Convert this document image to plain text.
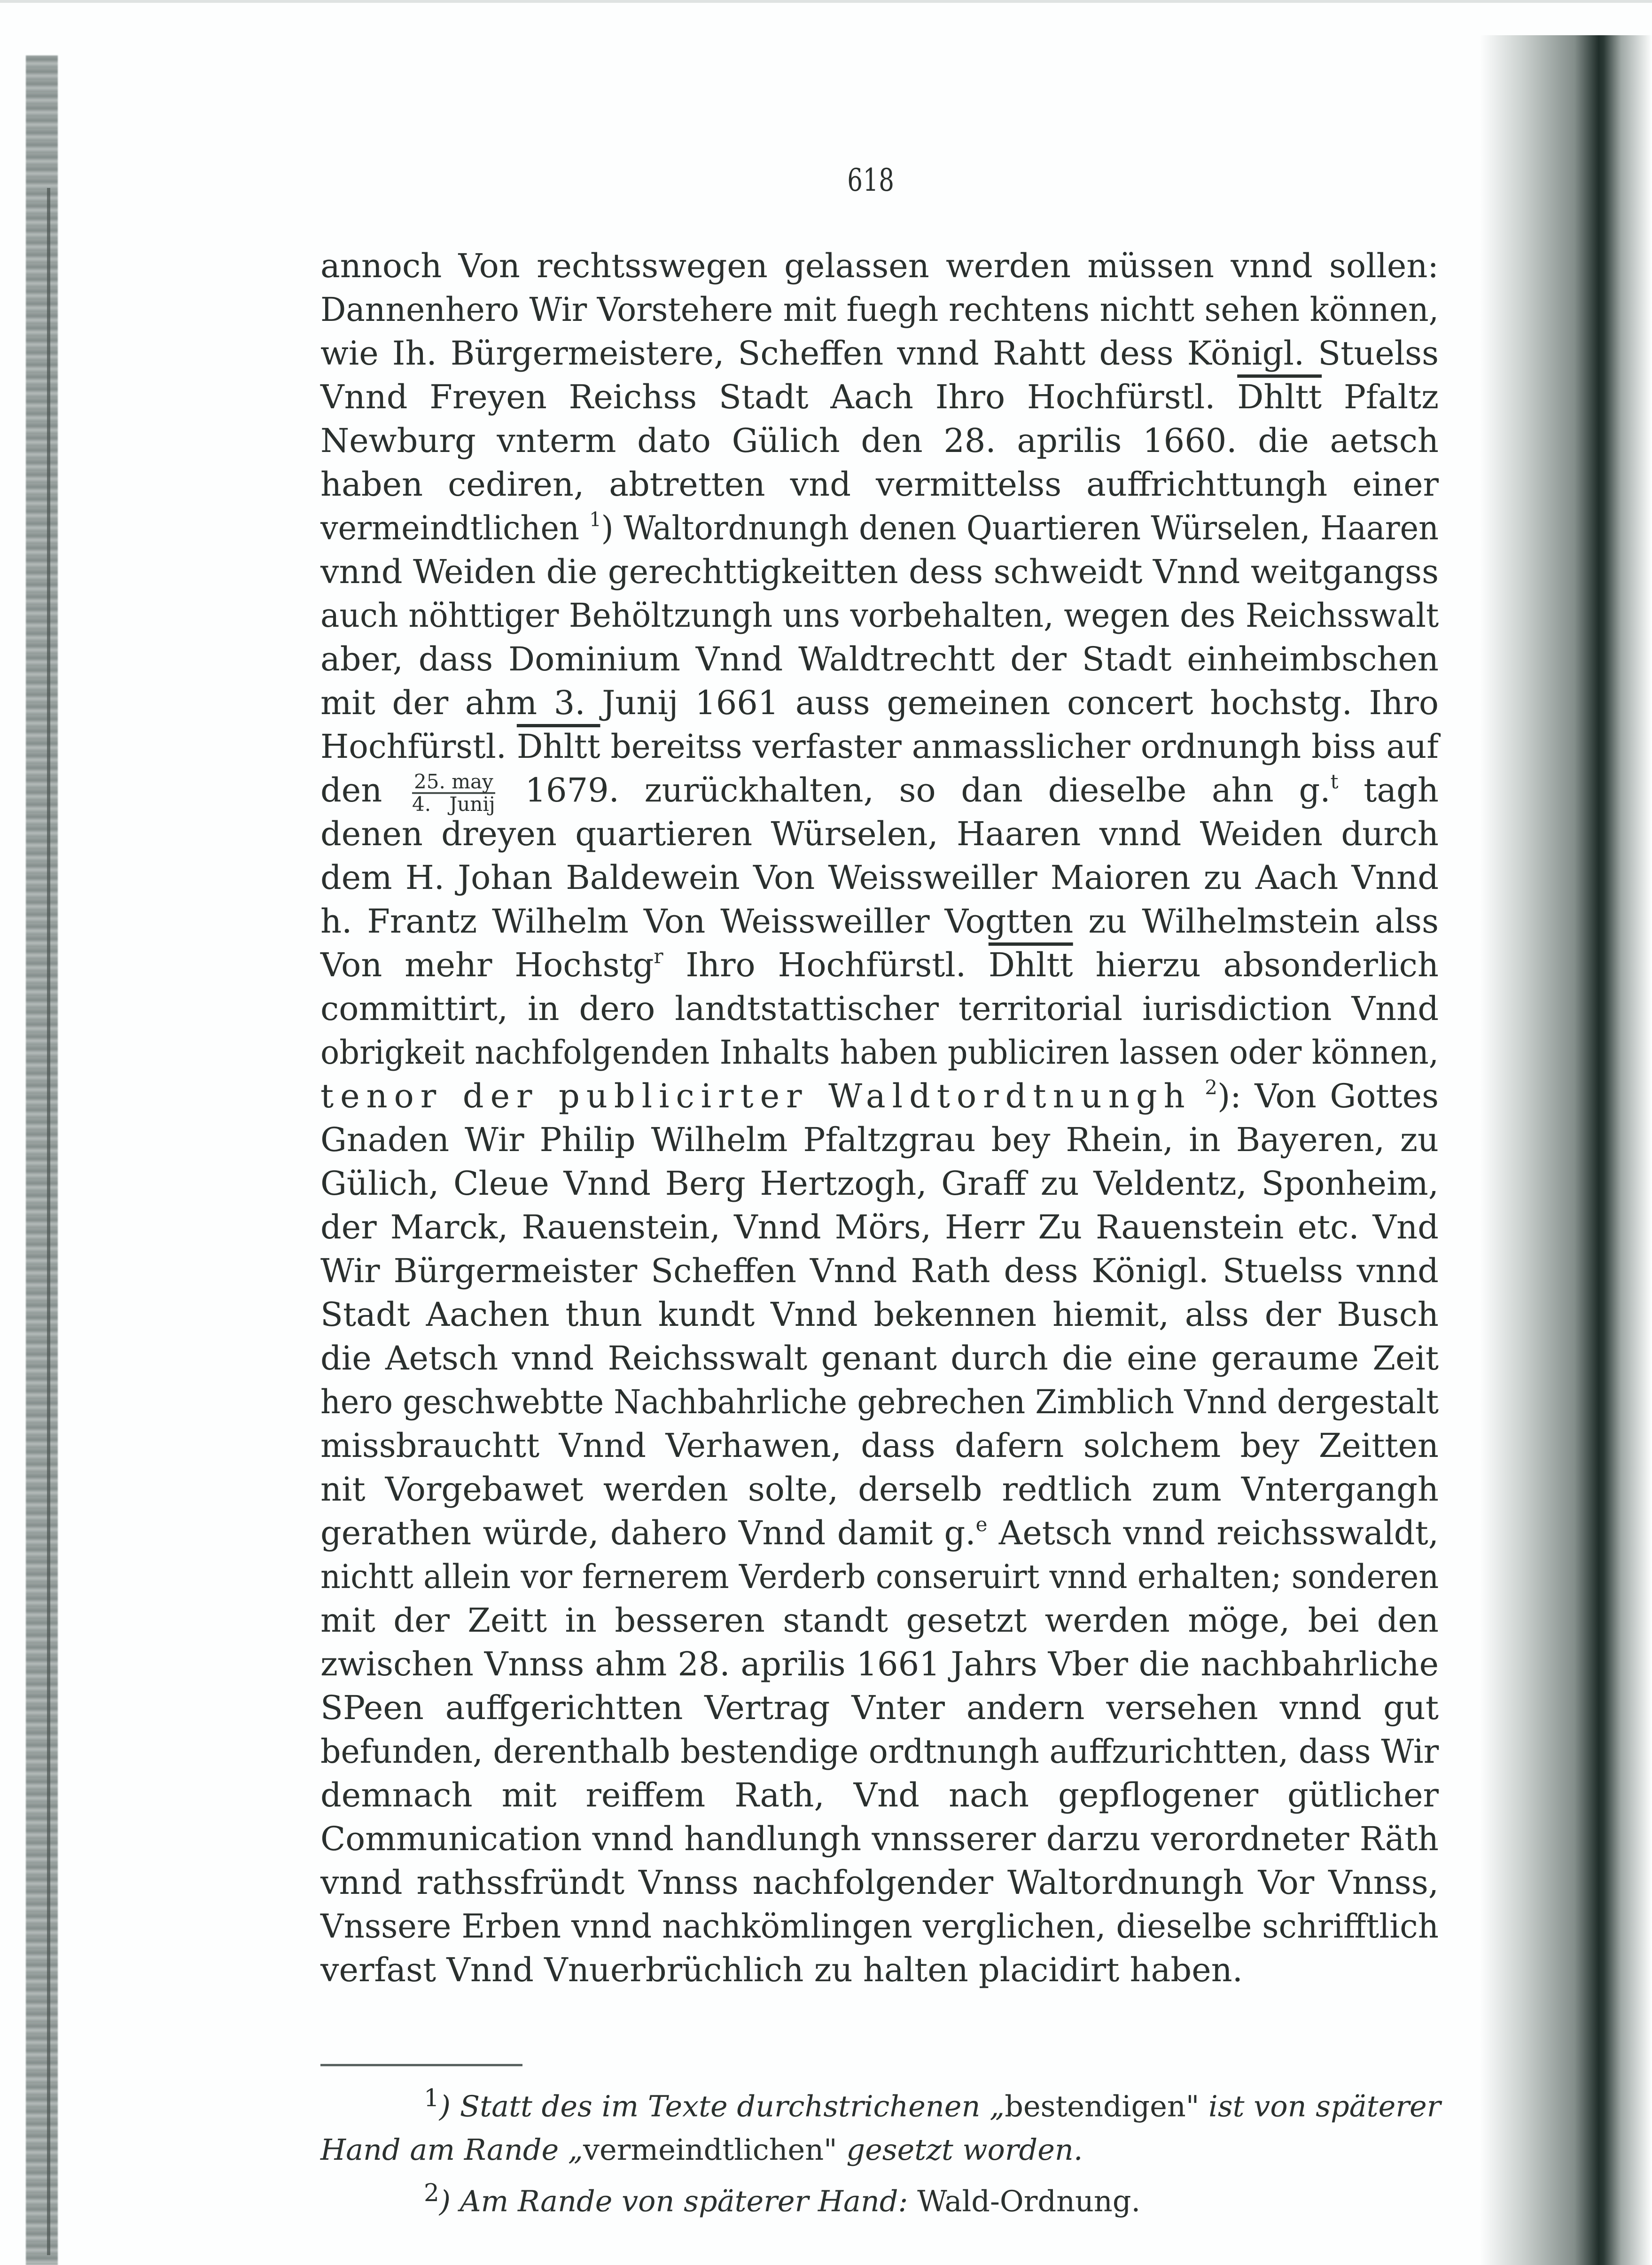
618
annoch Von rechtsswegen gelassen werden müssen vnnd sollen:
Dannenhero Wir Vorstehere mit fuegh rechtens nichtt sehen können,
wie Ih. Bürgermeistere, Scheffen vnnd Rahtt dess Königl. Stuelss
Vnnd Freyen Reichss Stadt Aach Ihro Hochfürstl. Dhltt Pfaltz
Newburg vnterm dato Gülich den 28. aprilis 1660. die aetsch
haben cediren, abtretten vnd vermittelss auffrichttungh einer
vermeindtlichen $^1$) Waltordnungh denen Quartieren Würselen, Haaren
vnnd Weiden die gerechttigkeitten dess schweidt Vnnd weitgangss
auch nöhttiger Behöltzungh uns vorbehalten, wegen des Reichsswalt
aber, dass Dominium Vnnd Waldtrechtt der Stadt einheimbschen
mit der ahm 3. Junij 1661 auss gemeinen concert hochstg. Ihro
Hochfürstl. Dhltt bereitss verfaster anmasslicher ordnungh biss auf
den $\frac{\text{25. may}}{\text{4. Junij}} 1679$. zurückhalten, so dan dieselbe ahn g.$^t$ tagh
denen dreyen quartieren Würselen, Haaren vnnd Weiden durch
dem H. Johan Baldewein Von Weissweiller Maioren zu Aach Vnnd
h. Frantz Wilhelm Von Weissweiller Vogtten zu Wilhelmstein alss
Von mehr Hochstg$^r$ Ihro Hochfürstl. Dhltt hierzu absonderlich
committirt, in dero landtstattischer territorial iurisdiction Vnnd
obrigkeit nachfolgenden Inhalts haben publiciren lassen oder können,
tenor der publicirter Waldtordtnungh $^2$): Von Gottes
Gnaden Wir Philip Wilhelm Pfaltzgrau bey Rhein, in Bayeren, zu
Gülich, Cleue Vnnd Berg Hertzogh, Graff zu Veldentz, Sponheim,
der Marck, Rauenstein, Vnnd Mörs, Herr Zu Rauenstein etc. Vnd
Wir Bürgermeister Scheffen Vnnd Rath dess Königl. Stuelss vnnd
Stadt Aachen thun kundt Vnnd bekennen hiemit, alss der Busch
die Aetsch vnnd Reichsswalt genant durch die eine geraume Zeit
hero geschwebtte Nachbahrliche gebrechen Zimblich Vnnd dergestalt
missbrauchtt Vnnd Verhawen, dass dafern solchem bey Zeitten
nit Vorgebawet werden solte, derselb redtlich zum Vntergangh
gerathen würde, dahero Vnnd damit g.$^e$ Aetsch vnnd reichsswaldt,
nichtt allein vor fernerem Verderb conseruirt vnnd erhalten; sonderen
mit der Zeitt in besseren standt gesetzt werden möge, bei den
zwischen Vnnss ahm 28. aprilis 1661 Jahrs Vber die nachbahrliche
SPeen auffgerichtten Vertrag Vnter andern versehen vnnd gut
befunden, derenthalb bestendige ordtnungh auffzurichtten, dass Wir
demnach mit reiffem Rath, Vnd nach gepflogener gütlicher
Communication vnnd handlungh vnnsserer darzu verordneter Räth
vnnd rathssfründt Vnnss nachfolgender Waltordnungh Vor Vnnss,
Vnssere Erben vnnd nachkömlingen verglichen, dieselbe schrifftlich
verfast Vnnd Vnuerbrüchlich zu halten placidirt haben.
$^1$) Statt des im Texte durchstrichenen „bestendigen" ist von späterer
Hand am Rande „vermeindtlichen" gesetzt worden.
$^2$) Am Rande von späterer Hand: Wald-Ordnung.
